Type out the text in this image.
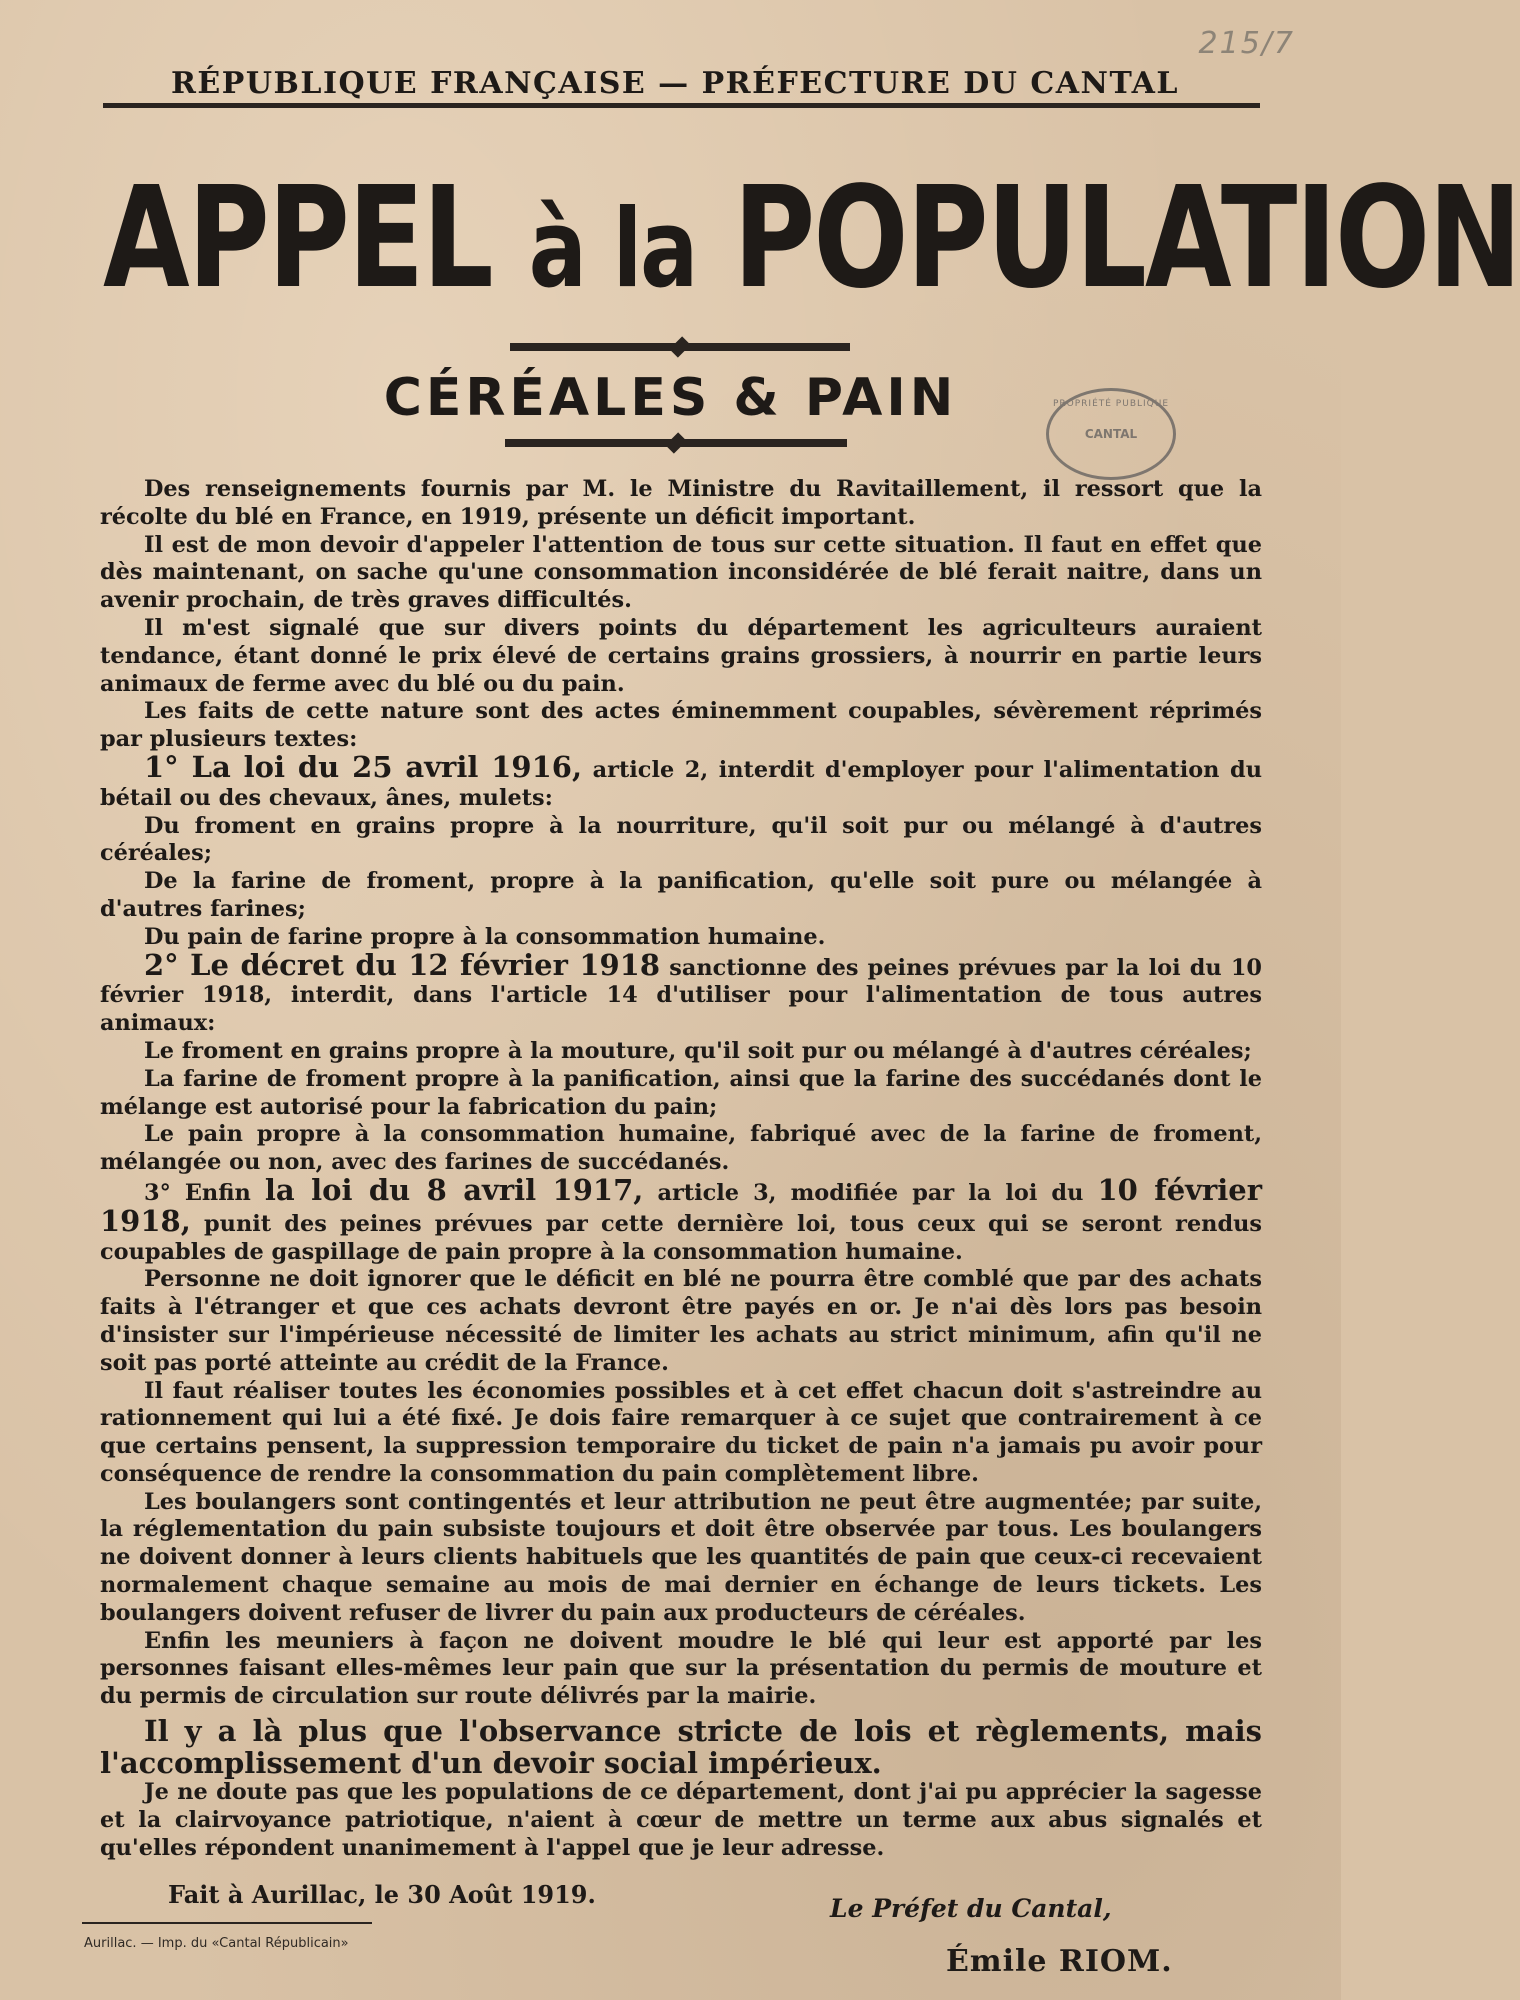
215/7
RÉPUBLIQUE FRANÇAISE — PRÉFECTURE DU CANTAL
APPEL à la POPULATION
CÉRÉALES & PAIN	PROPRIÉTÉ PUBLIQUE
CANTAL

Des renseignements fournis par M. le Ministre du Ravitaillement, il ressort que la récolte du blé en France, en 1919, présente un déficit important.

Il est de mon devoir d'appeler l'attention de tous sur cette situation. Il faut en effet que dès maintenant, on sache qu'une consommation inconsidérée de blé ferait naitre, dans un avenir prochain, de très graves difficultés.

Il m'est signalé que sur divers points du département les agriculteurs auraient tendance, étant donné le prix élevé de certains grains grossiers, à nourrir en partie leurs animaux de ferme avec du blé ou du pain.

Les faits de cette nature sont des actes éminemment coupables, sévèrement réprimés par plusieurs textes:

1° La loi du 25 avril 1916, article 2, interdit d'employer pour l'alimentation du bétail ou des chevaux, ânes, mulets:

Du froment en grains propre à la nourriture, qu'il soit pur ou mélangé à d'autres céréales;

De la farine de froment, propre à la panification, qu'elle soit pure ou mélangée à d'autres farines;

Du pain de farine propre à la consommation humaine.

2° Le décret du 12 février 1918 sanctionne des peines prévues par la loi du 10 février 1918, interdit, dans l'article 14 d'utiliser pour l'alimentation de tous autres animaux:

Le froment en grains propre à la mouture, qu'il soit pur ou mélangé à d'autres céréales;

La farine de froment propre à la panification, ainsi que la farine des succédanés dont le mélange est autorisé pour la fabrication du pain;

Le pain propre à la consommation humaine, fabriqué avec de la farine de froment, mélangée ou non, avec des farines de succédanés.

3° Enfin la loi du 8 avril 1917, article 3, modifiée par la loi du 10 février 1918, punit des peines prévues par cette dernière loi, tous ceux qui se seront rendus coupables de gaspillage de pain propre à la consommation humaine.

Personne ne doit ignorer que le déficit en blé ne pourra être comblé que par des achats faits à l'étranger et que ces achats devront être payés en or. Je n'ai dès lors pas besoin d'insister sur l'impérieuse nécessité de limiter les achats au strict minimum, afin qu'il ne soit pas porté atteinte au crédit de la France.

Il faut réaliser toutes les économies possibles et à cet effet chacun doit s'astreindre au rationnement qui lui a été fixé. Je dois faire remarquer à ce sujet que contrairement à ce que certains pensent, la suppression temporaire du ticket de pain n'a jamais pu avoir pour conséquence de rendre la consommation du pain complètement libre.

Les boulangers sont contingentés et leur attribution ne peut être augmentée; par suite, la réglementation du pain subsiste toujours et doit être observée par tous. Les boulangers ne doivent donner à leurs clients habituels que les quantités de pain que ceux-ci recevaient normalement chaque semaine au mois de mai dernier en échange de leurs tickets. Les boulangers doivent refuser de livrer du pain aux producteurs de céréales.

Enfin les meuniers à façon ne doivent moudre le blé qui leur est apporté par les personnes faisant elles-mêmes leur pain que sur la présentation du permis de mouture et du permis de circulation sur route délivrés par la mairie.

Il y a là plus que l'observance stricte de lois et règlements, mais l'accomplissement d'un devoir social impérieux.

Je ne doute pas que les populations de ce département, dont j'ai pu apprécier la sagesse et la clairvoyance patriotique, n'aient à cœur de mettre un terme aux abus signalés et qu'elles répondent unanimement à l'appel que je leur adresse.

Fait à Aurillac, le 30 Août 1919.	Le Préfet du Cantal,
Émile RIOM.
Aurillac. — Imp. du «Cantal Républicain»
